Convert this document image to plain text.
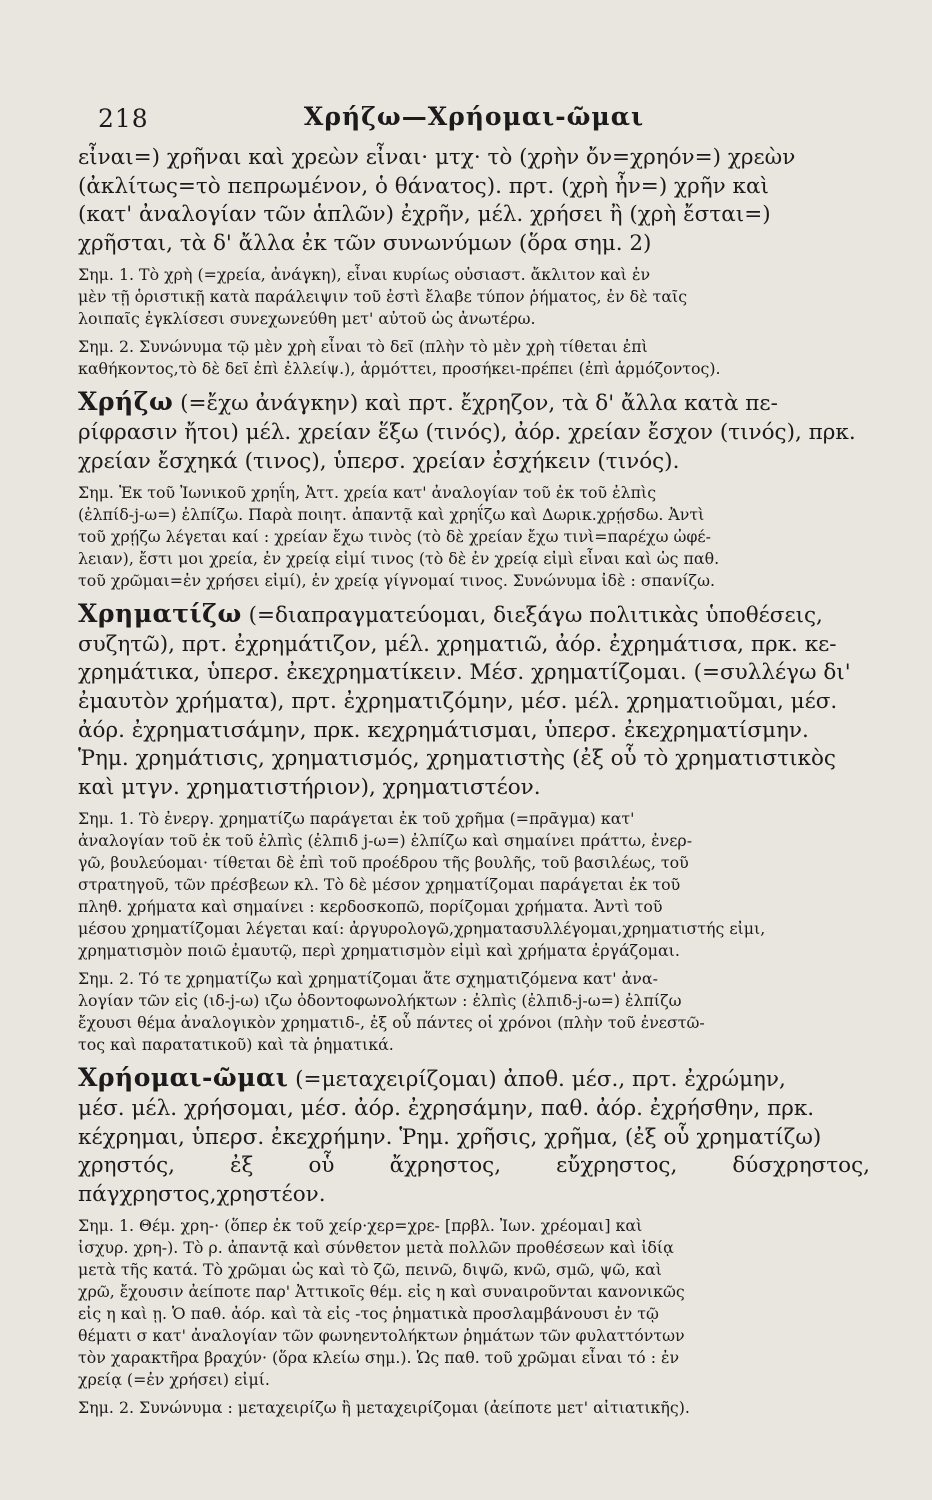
218	Χρήζω—Χρήομαι-ῶμαι
εἶναι=) χρῆναι καὶ χρεὼν εἶναι· μτχ· τὸ (χρὴν ὄν=χρηόν=) χρεὼν
(ἀκλίτως=τὸ πεπρωμένον, ὁ θάνατος). πρτ. (χρὴ ἦν=) χρῆν καὶ
(κατ' ἀναλογίαν τῶν ἁπλῶν) ἐχρῆν, μέλ. χρήσει ἢ (χρὴ ἔσται=)
χρῆσται, τὰ δ' ἄλλα ἐκ τῶν συνωνύμων (ὅρα σημ. 2)
Σημ. 1. Τὸ χρὴ (=χρεία, ἀνάγκη), εἶναι κυρίως οὐσιαστ. ἄκλιτον καὶ ἐν
μὲν τῇ ὁριστικῇ κατὰ παράλειψιν τοῦ ἐστὶ ἔλαβε τύπον ῥήματος, ἐν δὲ ταῖς
λοιπαῖς ἐγκλίσεσι συνεχωνεύθη μετ' αὐτοῦ ὡς ἀνωτέρω.
Σημ. 2. Συνώνυμα τῷ μὲν χρὴ εἶναι τὸ δεῖ (πλὴν τὸ μὲν χρὴ τίθεται ἐπὶ
καθήκοντος,τὸ δὲ δεῖ ἐπὶ ἐλλείψ.), ἁρμόττει, προσήκει-πρέπει (ἐπὶ ἁρμόζοντος).
Χρήζω (=ἔχω ἀνάγκην) καὶ πρτ. ἔχρηζον, τὰ δ' ἄλλα κατὰ πε-
ρίφρασιν ἤτοι) μέλ. χρείαν ἕξω (τινός), ἀόρ. χρείαν ἔσχον (τινός), πρκ.
χρείαν ἔσχηκά (τινος), ὑπερσ. χρείαν ἐσχήκειν (τινός).
Σημ. Ἐκ τοῦ Ἰωνικοῦ χρηΐη, Ἀττ. χρεία κατ' ἀναλογίαν τοῦ ἐκ τοῦ ἐλπὶς
(ἐλπίδ-j-ω=) ἐλπίζω. Παρὰ ποιητ. ἀπαντᾷ καὶ χρηΐζω καὶ Δωρικ.χρῄσδω. Ἀντὶ
τοῦ χρῄζω λέγεται καί : χρείαν ἔχω τινὸς (τὸ δὲ χρείαν ἔχω τινὶ=παρέχω ὠφέ-
λειαν), ἔστι μοι χρεία, ἐν χρείᾳ εἰμί τινος (τὸ δὲ ἐν χρείᾳ εἰμὶ εἶναι καὶ ὡς παθ.
τοῦ χρῶμαι=ἐν χρήσει εἰμί), ἐν χρείᾳ γίγνομαί τινος. Συνώνυμα ἰδὲ : σπανίζω.
Χρηματίζω (=διαπραγματεύομαι, διεξάγω πολιτικὰς ὑποθέσεις,
συζητῶ), πρτ. ἐχρημάτιζον, μέλ. χρηματιῶ, ἀόρ. ἐχρημάτισα, πρκ. κε-
χρημάτικα, ὑπερσ. ἐκεχρηματίκειν. Μέσ. χρηματίζομαι. (=συλλέγω δι'
ἐμαυτὸν χρήματα), πρτ. ἐχρηματιζόμην, μέσ. μέλ. χρηματιοῦμαι, μέσ.
ἀόρ. ἐχρηματισάμην, πρκ. κεχρημάτισμαι, ὑπερσ. ἐκεχρηματίσμην.
Ῥημ. χρημάτισις, χρηματισμός, χρηματιστὴς (ἐξ οὗ τὸ χρηματιστικὸς
καὶ μτγν. χρηματιστήριον), χρηματιστέον.
Σημ. 1. Τὸ ἐνεργ. χρηματίζω παράγεται ἐκ τοῦ χρῆμα (=πρᾶγμα) κατ'
ἀναλογίαν τοῦ ἐκ τοῦ ἐλπὶς (ἐλπιδ j-ω=) ἐλπίζω καὶ σημαίνει πράττω, ἐνερ-
γῶ, βουλεύομαι· τίθεται δὲ ἐπὶ τοῦ προέδρου τῆς βουλῆς, τοῦ βασιλέως, τοῦ
στρατηγοῦ, τῶν πρέσβεων κλ. Τὸ δὲ μέσον χρηματίζομαι παράγεται ἐκ τοῦ
πληθ. χρήματα καὶ σημαίνει : κερδοσκοπῶ, πορίζομαι χρήματα. Ἀντὶ τοῦ
μέσου χρηματίζομαι λέγεται καί: ἀργυρολογῶ,χρηματασυλλέγομαι,χρηματιστής εἰμι,
χρηματισμὸν ποιῶ ἐμαυτῷ, περὶ χρηματισμὸν εἰμὶ καὶ χρήματα ἐργάζομαι.
Σημ. 2. Τό τε χρηματίζω καὶ χρηματίζομαι ἅτε σχηματιζόμενα κατ' ἀνα-
λογίαν τῶν εἰς (ιδ-j-ω) ιζω ὀδοντοφωνολήκτων : ἐλπὶς (ἐλπιδ-j-ω=) ἐλπίζω
ἔχουσι θέμα ἀναλογικὸν χρηματιδ-, ἐξ οὗ πάντες οἱ χρόνοι (πλὴν τοῦ ἐνεστῶ-
τος καὶ παρατατικοῦ) καὶ τὰ ῥηματικά.
Χρήομαι-ῶμαι (=μεταχειρίζομαι) ἀποθ. μέσ., πρτ. ἐχρώμην,
μέσ. μέλ. χρήσομαι, μέσ. ἀόρ. ἐχρησάμην, παθ. ἀόρ. ἐχρήσθην, πρκ.
κέχρημαι, ὑπερσ. ἐκεχρήμην. Ῥημ. χρῆσις, χρῆμα, (ἐξ οὗ χρηματίζω)
χρηστός, ἐξ οὗ ἄχρηστος, εὔχρηστος, δύσχρηστος, πάγχρηστος,χρηστέον.
Σημ. 1. Θέμ. χρη-· (ὅπερ ἐκ τοῦ χείρ·χερ=χρε- [πρβλ. Ἰων. χρέομαι] καὶ
ἰσχυρ. χρη-). Τὸ ρ. ἀπαντᾷ καὶ σύνθετον μετὰ πολλῶν προθέσεων καὶ ἰδίᾳ
μετὰ τῆς κατά. Τὸ χρῶμαι ὡς καὶ τὸ ζῶ, πεινῶ, διψῶ, κνῶ, σμῶ, ψῶ, καὶ
χρῶ, ἔχουσιν ἀείποτε παρ' Ἀττικοῖς θέμ. εἰς η καὶ συναιροῦνται κανονικῶς
εἰς η καὶ ῃ. Ὁ παθ. ἀόρ. καὶ τὰ εἰς -τος ῥηματικὰ προσλαμβάνουσι ἐν τῷ
θέματι σ κατ' ἀναλογίαν τῶν φωνηεντολήκτων ῥημάτων τῶν φυλαττόντων
τὸν χαρακτῆρα βραχύν· (ὅρα κλείω σημ.). Ὡς παθ. τοῦ χρῶμαι εἶναι τό : ἐν
χρείᾳ (=ἐν χρήσει) εἰμί.
Σημ. 2. Συνώνυμα : μεταχειρίζω ἢ μεταχειρίζομαι (ἀείποτε μετ' αἰτιατικῆς).
